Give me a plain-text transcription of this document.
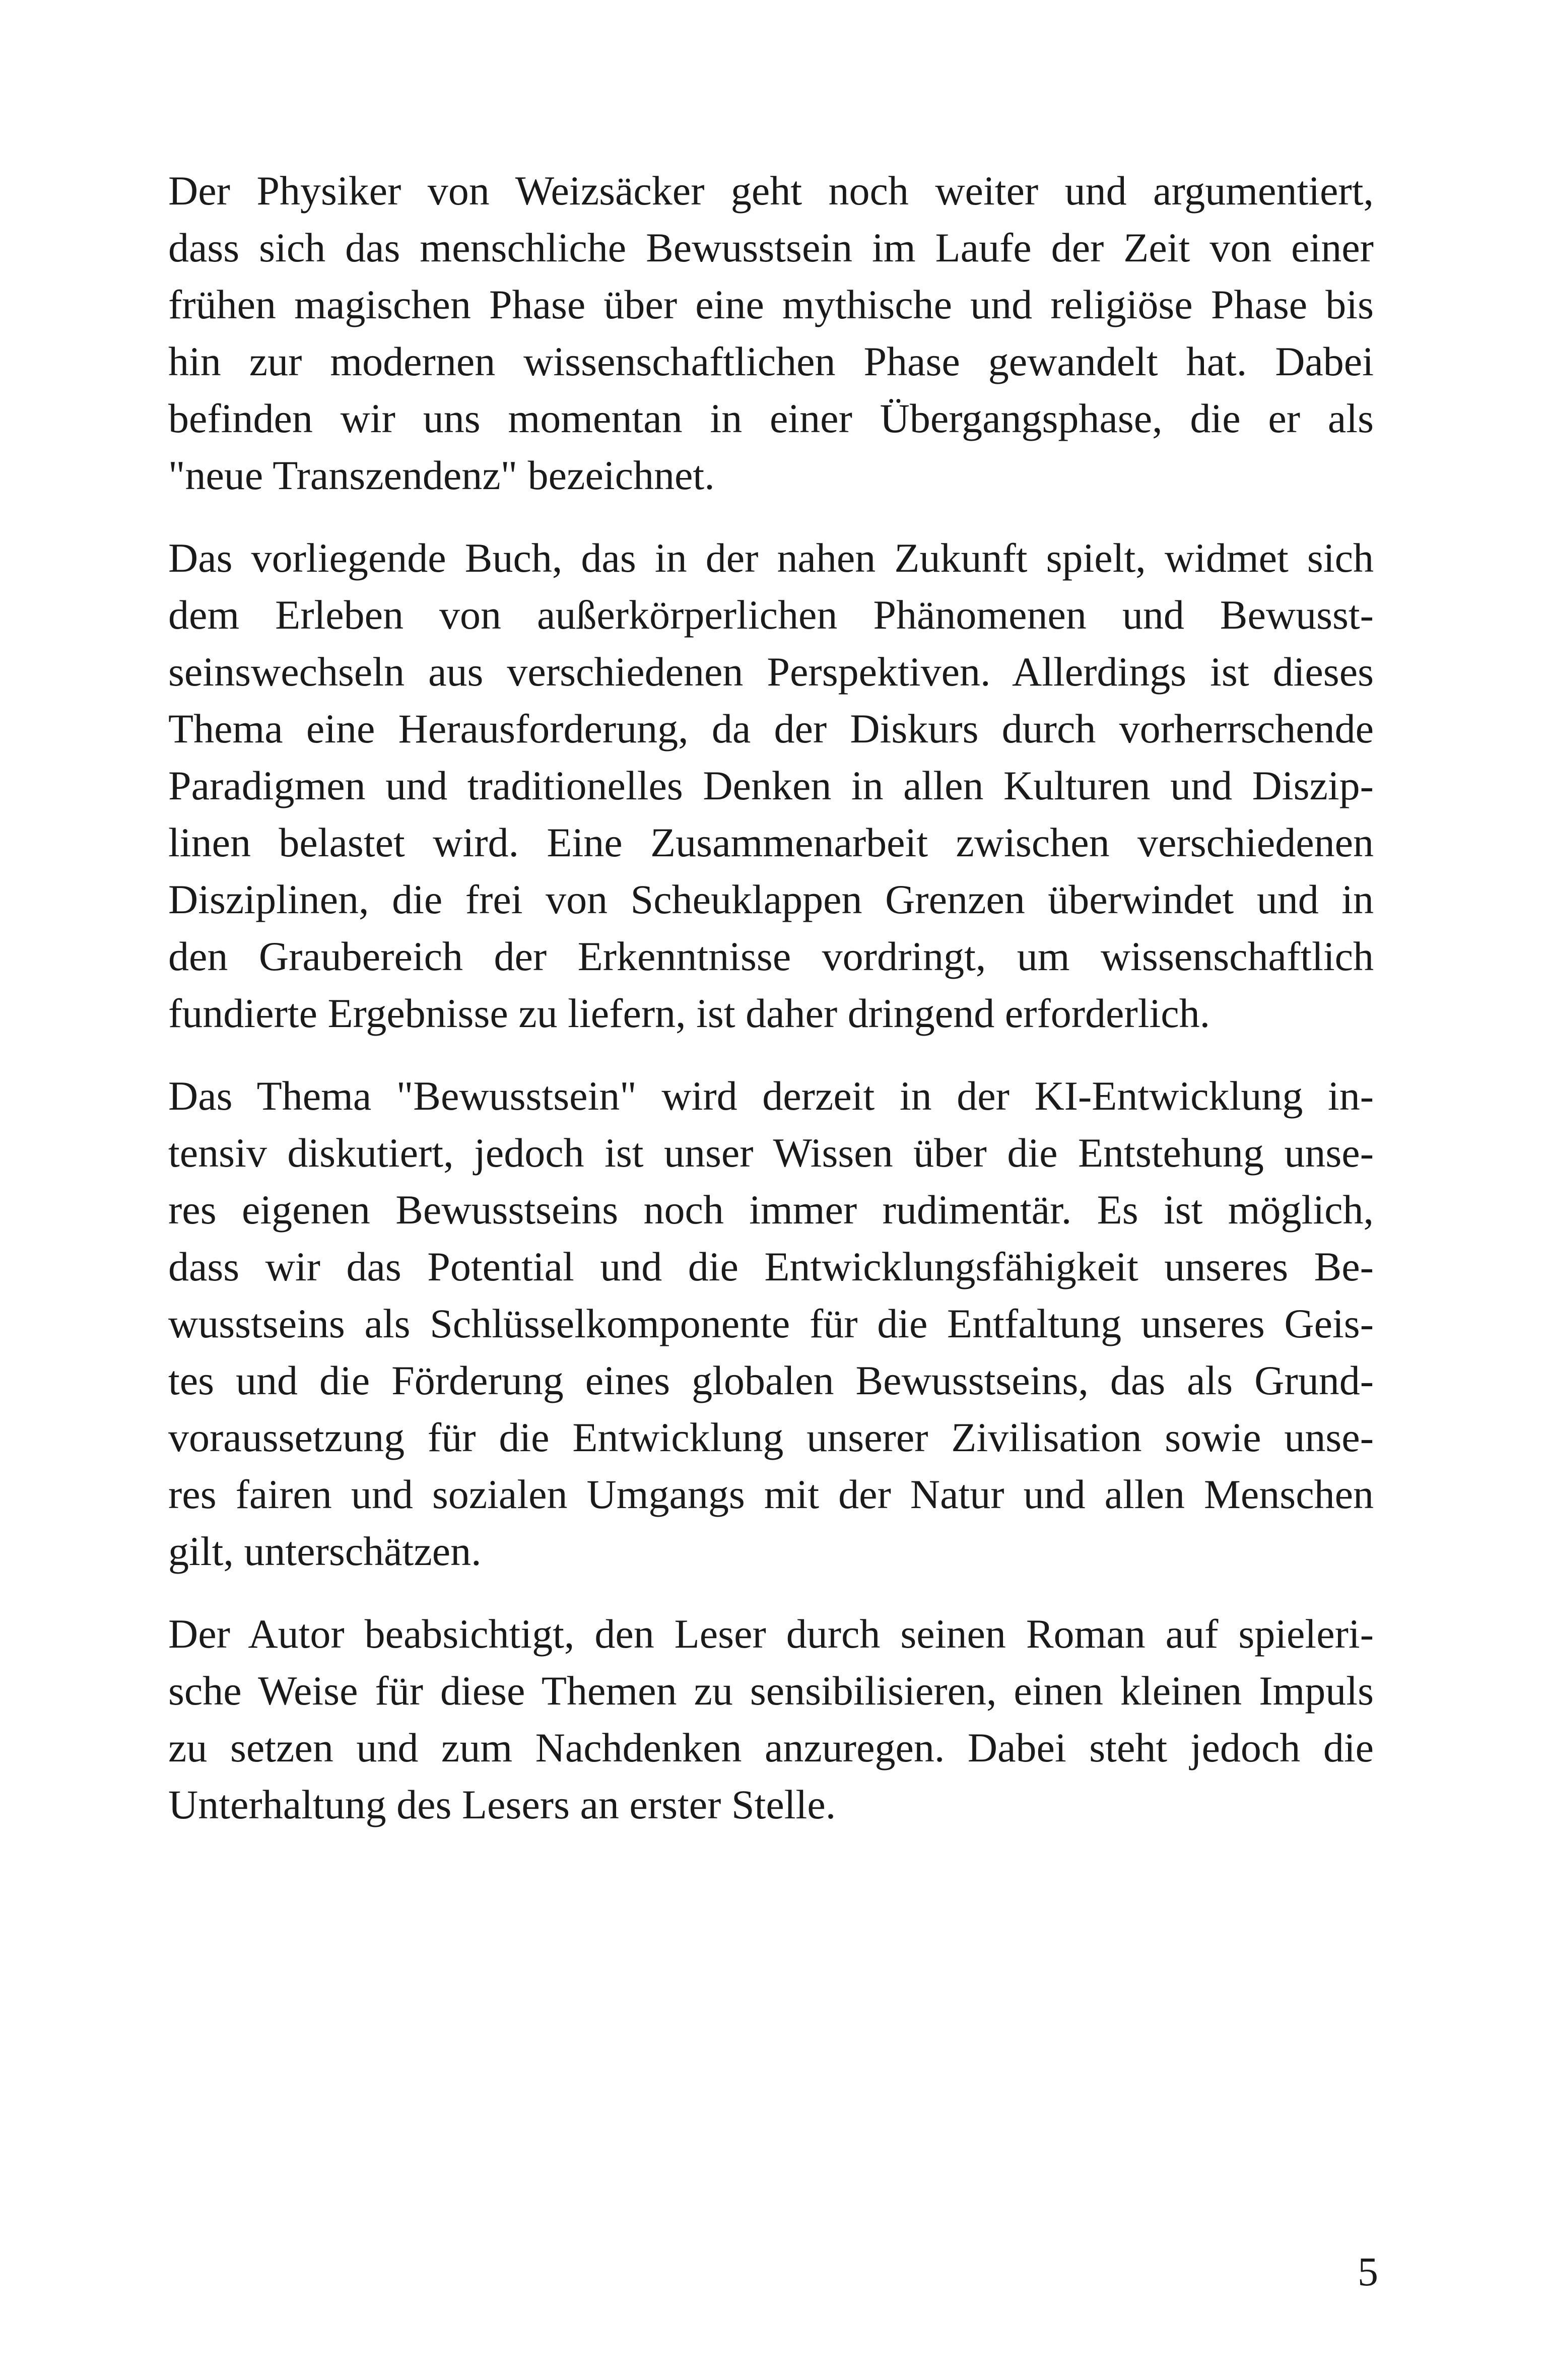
Der Physiker von Weizsäcker geht noch weiter und argumentiert,
dass sich das menschliche Bewusstsein im Laufe der Zeit von einer
frühen magischen Phase über eine mythische und religiöse Phase bis
hin zur modernen wissenschaftlichen Phase gewandelt hat. Dabei
befinden wir uns momentan in einer Übergangsphase, die er als
"neue Transzendenz" bezeichnet.

Das vorliegende Buch, das in der nahen Zukunft spielt, widmet sich
dem Erleben von außerkörperlichen Phänomenen und Bewusst-
seinswechseln aus verschiedenen Perspektiven. Allerdings ist dieses
Thema eine Herausforderung, da der Diskurs durch vorherrschende
Paradigmen und traditionelles Denken in allen Kulturen und Diszip-
linen belastet wird. Eine Zusammenarbeit zwischen verschiedenen
Disziplinen, die frei von Scheuklappen Grenzen überwindet und in
den Graubereich der Erkenntnisse vordringt, um wissenschaftlich
fundierte Ergebnisse zu liefern, ist daher dringend erforderlich.

Das Thema "Bewusstsein" wird derzeit in der KI-Entwicklung in-
tensiv diskutiert, jedoch ist unser Wissen über die Entstehung unse-
res eigenen Bewusstseins noch immer rudimentär. Es ist möglich,
dass wir das Potential und die Entwicklungsfähigkeit unseres Be-
wusstseins als Schlüsselkomponente für die Entfaltung unseres Geis-
tes und die Förderung eines globalen Bewusstseins, das als Grund-
voraussetzung für die Entwicklung unserer Zivilisation sowie unse-
res fairen und sozialen Umgangs mit der Natur und allen Menschen
gilt, unterschätzen.

Der Autor beabsichtigt, den Leser durch seinen Roman auf spieleri-
sche Weise für diese Themen zu sensibilisieren, einen kleinen Impuls
zu setzen und zum Nachdenken anzuregen. Dabei steht jedoch die
Unterhaltung des Lesers an erster Stelle.

5
